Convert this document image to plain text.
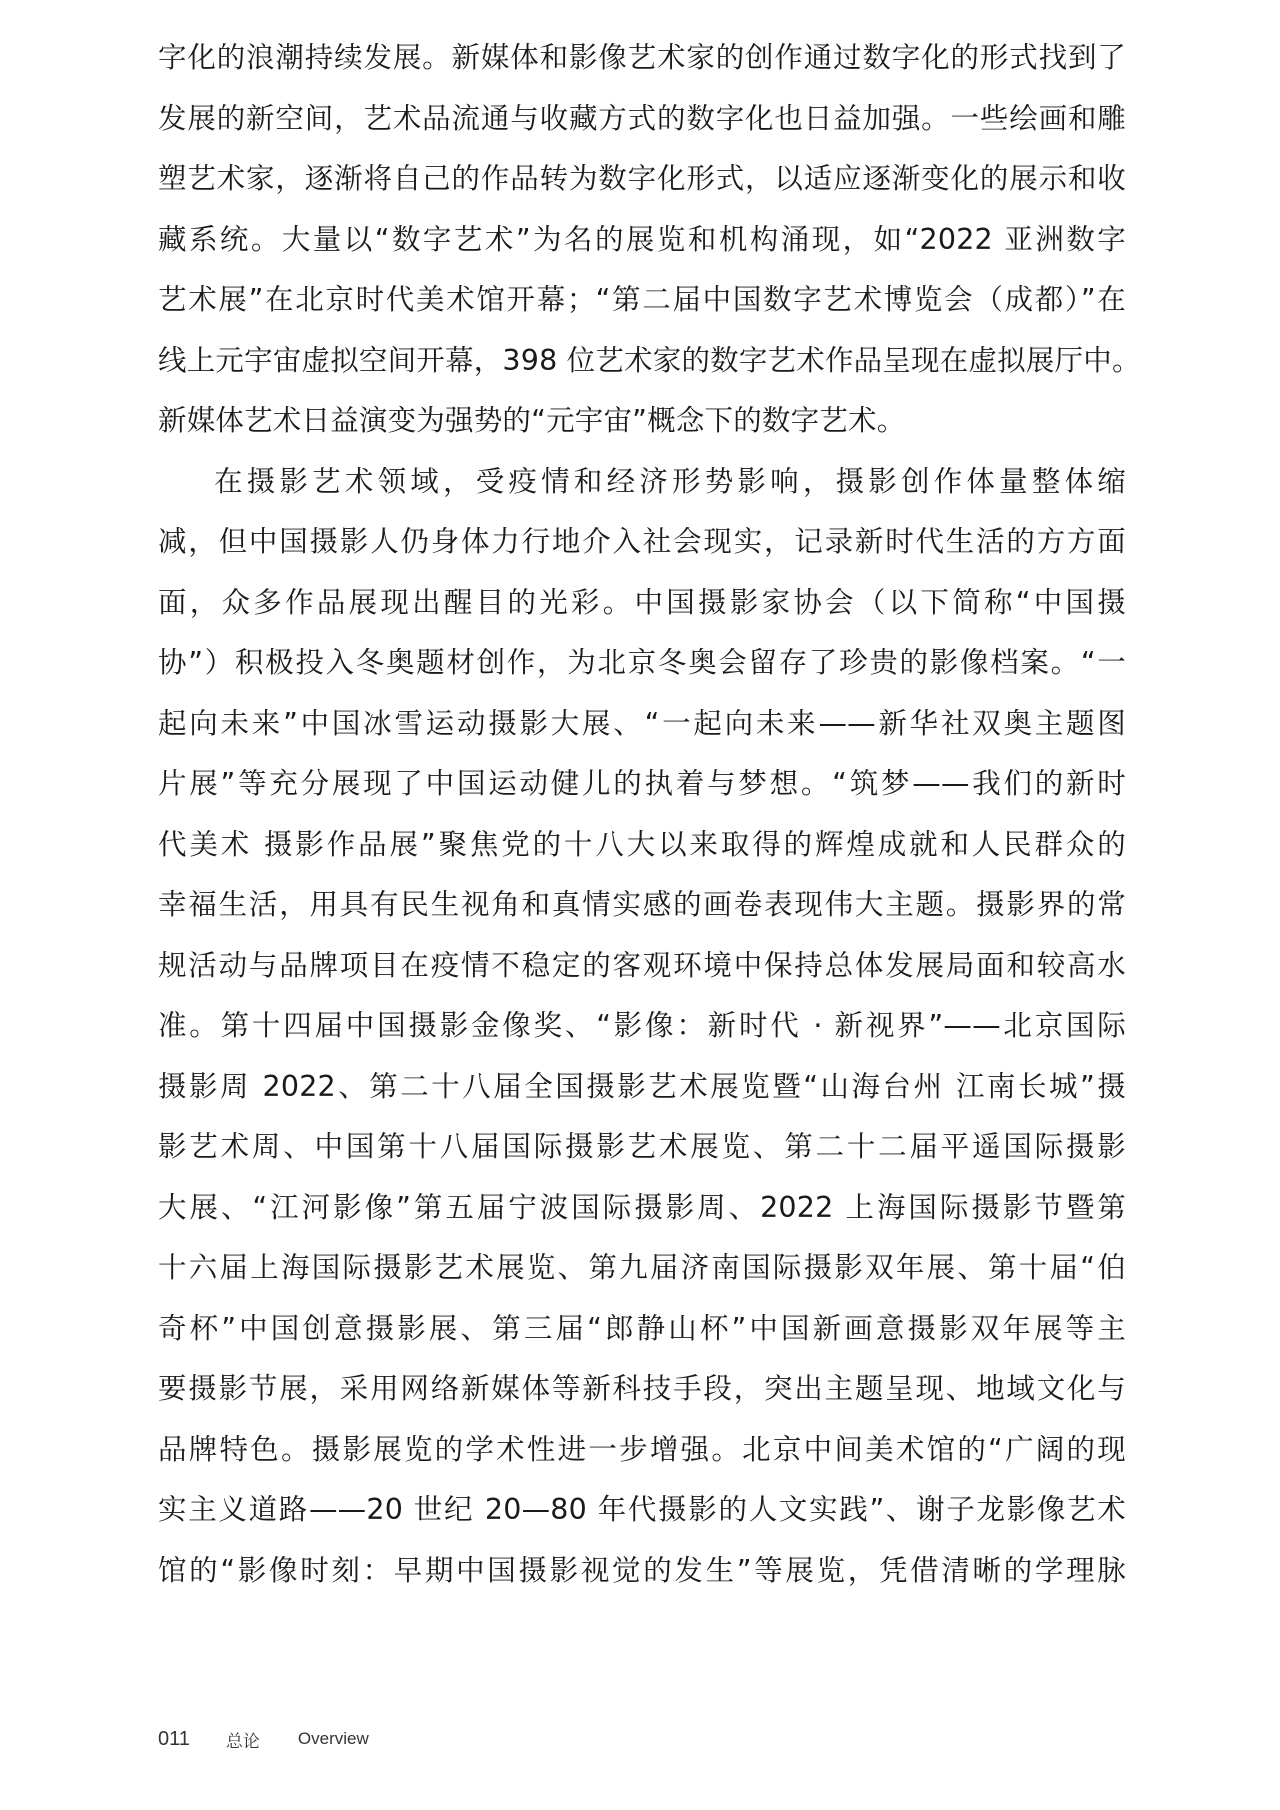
字化的浪潮持续发展。新媒体和影像艺术家的创作通过数字化的形式找到了
发展的新空间，艺术品流通与收藏方式的数字化也日益加强。一些绘画和雕
塑艺术家，逐渐将自己的作品转为数字化形式，以适应逐渐变化的展示和收
藏系统。大量以“数字艺术”为名的展览和机构涌现，如“2022 亚洲数字
艺术展”在北京时代美术馆开幕；“第二届中国数字艺术博览会（成都）”在
线上元宇宙虚拟空间开幕，398 位艺术家的数字艺术作品呈现在虚拟展厅中。
新媒体艺术日益演变为强势的“元宇宙”概念下的数字艺术。
在摄影艺术领域，受疫情和经济形势影响，摄影创作体量整体缩
减，但中国摄影人仍身体力行地介入社会现实，记录新时代生活的方方面
面，众多作品展现出醒目的光彩。中国摄影家协会（以下简称“中国摄
协”）积极投入冬奥题材创作，为北京冬奥会留存了珍贵的影像档案。“一
起向未来”中国冰雪运动摄影大展、“一起向未来——新华社双奥主题图
片展”等充分展现了中国运动健儿的执着与梦想。“筑梦——我们的新时
代美术 摄影作品展”聚焦党的十八大以来取得的辉煌成就和人民群众的
幸福生活，用具有民生视角和真情实感的画卷表现伟大主题。摄影界的常
规活动与品牌项目在疫情不稳定的客观环境中保持总体发展局面和较高水
准。第十四届中国摄影金像奖、“影像：新时代 · 新视界”——北京国际
摄影周 2022、第二十八届全国摄影艺术展览暨“山海台州 江南长城”摄
影艺术周、中国第十八届国际摄影艺术展览、第二十二届平遥国际摄影
大展、“江河影像”第五届宁波国际摄影周、2022 上海国际摄影节暨第
十六届上海国际摄影艺术展览、第九届济南国际摄影双年展、第十届“伯
奇杯”中国创意摄影展、第三届“郎静山杯”中国新画意摄影双年展等主
要摄影节展，采用网络新媒体等新科技手段，突出主题呈现、地域文化与
品牌特色。摄影展览的学术性进一步增强。北京中间美术馆的“广阔的现
实主义道路——20 世纪 20—80 年代摄影的人文实践”、谢子龙影像艺术
馆的“影像时刻：早期中国摄影视觉的发生”等展览，凭借清晰的学理脉
011 总论 Overview
